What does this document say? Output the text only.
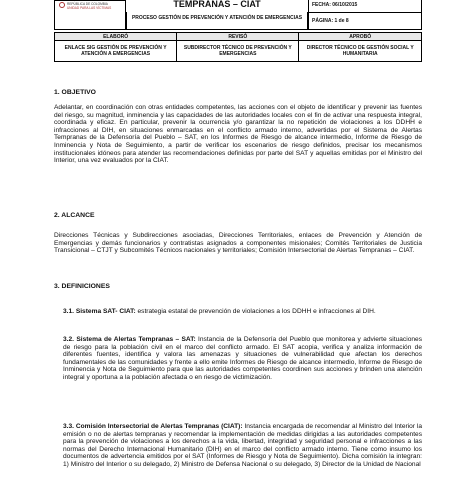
REPÚBLICA DE COLOMBIA
UNIDAD PARA LAS VÍCTIMAS	TEMPRANAS – CIAT
PROCESO GESTIÓN DE PREVENCIÓN Y ATENCIÓN DE EMERGENCIAS
FECHA: 06/10/2015
PÁGINA: 1 de 8
ELABORÓ	REVISÓ	APROBÓ
ENLACE SIG GESTIÓN DE PREVENCIÓN Y ATENCIÓN A EMERGENCIAS	SUBDIRECTOR TÉCNICO DE PREVENCIÓN Y EMERGENCIAS	DIRECTOR TÉCNICO DE GESTIÓN SOCIAL Y HUMANITARIA
1. OBJETIVO
Adelantar, en coordinación con otras entidades competentes, las acciones con el objeto de identificar y prevenir las fuentes del riesgo, su magnitud, inminencia y las capacidades de las autoridades locales con el fin de activar una respuesta integral, coordinada y eficaz. En particular, prevenir la ocurrencia y/o garantizar la no repetición de violaciones a los DDHH e infracciones al DIH, en situaciones enmarcadas en el conflicto armado interno, advertidas por el Sistema de Alertas Tempranas de la Defensoría del Pueblo – SAT, en los Informes de Riesgo de alcance intermedio, Informe de Riesgo de Inminencia y Nota de Seguimiento, a partir de verificar los escenarios de riesgo definidos, precisar los mecanismos institucionales idóneos para atender las recomendaciones definidas por parte del SAT y aquellas emitidas por el Ministro del Interior, una vez evaluados por la CIAT.
2. ALCANCE
Direcciones Técnicas y Subdirecciones asociadas, Direcciones Territoriales, enlaces de Prevención y Atención de Emergencias y demás funcionarios y contratistas asignados a componentes misionales; Comités Territoriales de Justicia Transicional – CTJT y Subcomités Técnicos nacionales y territoriales; Comisión Intersectorial de Alertas Tempranas – CIAT.
3. DEFINICIONES

3.1. Sistema SAT- CIAT: estrategia estatal de prevención de violaciones a los DDHH e infracciones al DIH.

3.2. Sistema de Alertas Tempranas – SAT: Instancia de la Defensoría del Pueblo que monitorea y advierte situaciones de riesgo para la población civil en el marco del conflicto armado. El SAT acopia, verifica y analiza información de diferentes fuentes, identifica y valora las amenazas y situaciones de vulnerabilidad que afectan los derechos fundamentales de las comunidades y frente a ello emite Informes de Riesgo de alcance intermedio, Informe de Riesgo de Inminencia y Nota de Seguimiento para que las autoridades competentes coordinen sus acciones y brinden una atención integral y oportuna a la población afectada o en riesgo de victimización.

3.3. Comisión Intersectorial de Alertas Tempranas (CIAT): Instancia encargada de recomendar al Ministro del Interior la emisión o no de alertas tempranas y recomendar la implementación de medidas dirigidas a las autoridades competentes para la prevención de violaciones a los derechos a la vida, libertad, integridad y seguridad personal e infracciones a las normas del Derecho Internacional Humanitario (DIH) en el marco del conflicto armado interno. Tiene como insumo los documentos de advertencia emitidos por el SAT (Informes de Riesgo y Nota de Seguimiento). Dicha comisión la integran: 1) Ministro del Interior o su delegado, 2) Ministro de Defensa Nacional o su delegado, 3) Director de la Unidad de Nacional
